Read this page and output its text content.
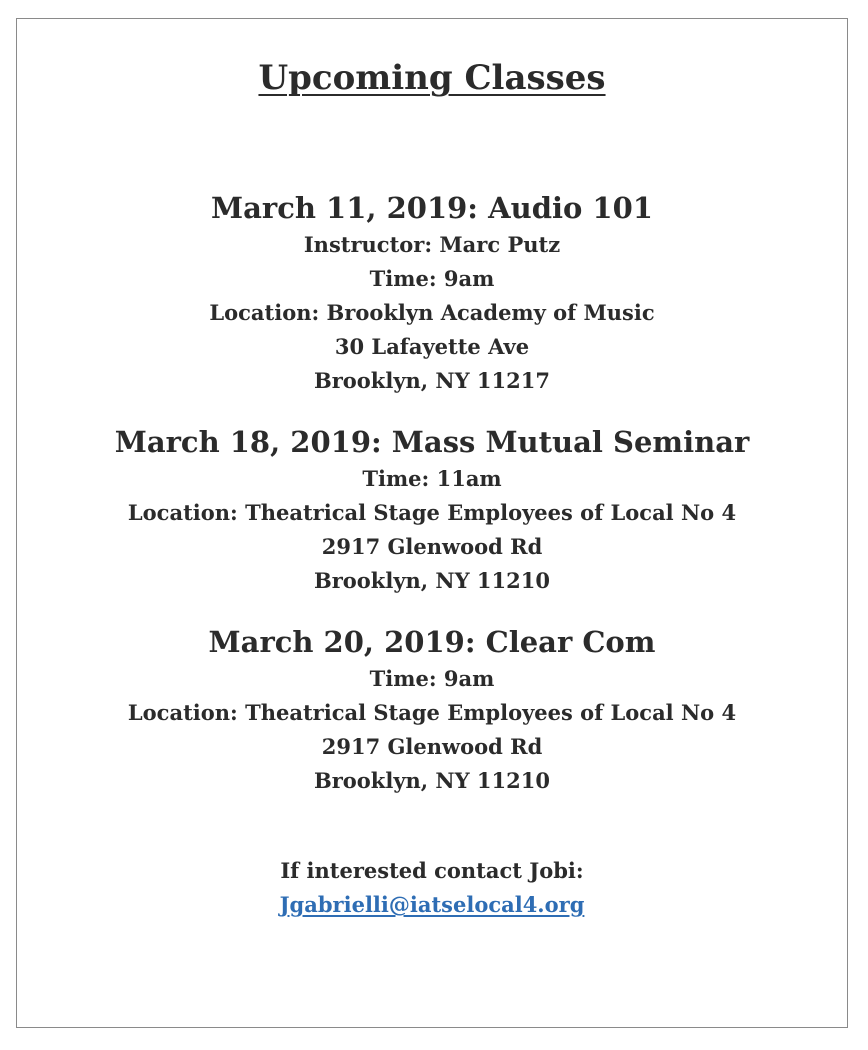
Upcoming Classes

March 11, 2019: Audio 101

Instructor: Marc Putz

Time: 9am

Location: Brooklyn Academy of Music

30 Lafayette Ave

Brooklyn, NY 11217

March 18, 2019: Mass Mutual Seminar

Time: 11am

Location: Theatrical Stage Employees of Local No 4

2917 Glenwood Rd

Brooklyn, NY 11210

March 20, 2019: Clear Com

Time: 9am

Location: Theatrical Stage Employees of Local No 4

2917 Glenwood Rd

Brooklyn, NY 11210

If interested contact Jobi:
Jgabrielli@iatselocal4.org
